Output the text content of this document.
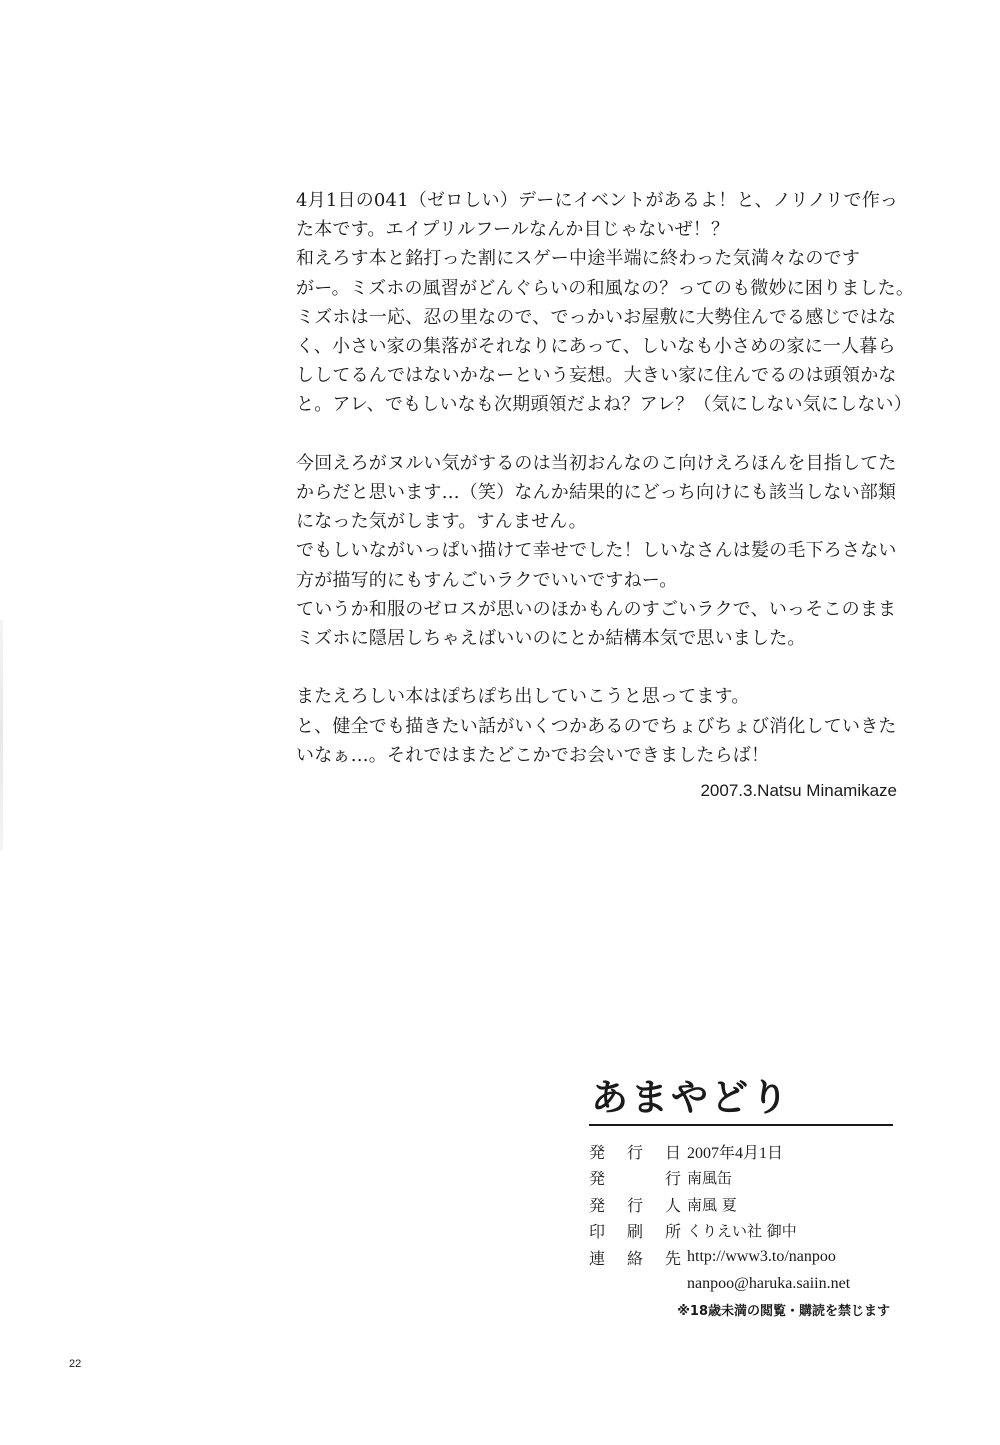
4月1日の041（ゼロしい）デーにイベントがあるよ！と、ノリノリで作っ
た本です。エイプリルフールなんか目じゃないぜ！？
和えろす本と銘打った割にスゲー中途半端に終わった気満々なのです
がー。ミズホの風習がどんぐらいの和風なの？ってのも微妙に困りました。
ミズホは一応、忍の里なので、でっかいお屋敷に大勢住んでる感じではな
く、小さい家の集落がそれなりにあって、しいなも小さめの家に一人暮ら
ししてるんではないかなーという妄想。大きい家に住んでるのは頭領かな
と。アレ、でもしいなも次期頭領だよね？アレ？（気にしない気にしない）

今回えろがヌルい気がするのは当初おんなのこ向けえろほんを目指してた
からだと思います…（笑）なんか結果的にどっち向けにも該当しない部類
になった気がします。すんません。
でもしいながいっぱい描けて幸せでした！しいなさんは髪の毛下ろさない
方が描写的にもすんごいラクでいいですねー。
ていうか和服のゼロスが思いのほかもんのすごいラクで、いっそこのまま
ミズホに隠居しちゃえばいいのにとか結構本気で思いました。

またえろしい本はぽちぽち出していこうと思ってます。
と、健全でも描きたい話がいくつかあるのでちょびちょび消化していきた
いなぁ…。それではまたどこかでお会いできましたらば！

2007.3.Natsu Minamikaze
あまやどり
発 行 日 2007年4月1日
発	行 南風缶
発 行 人 南風 夏
印 刷 所 くりえい社 御中
連 絡 先 http://www3.to/nanpoo
nanpoo@haruka.saiin.net
※18歳未満の閲覧・購読を禁じます
22
